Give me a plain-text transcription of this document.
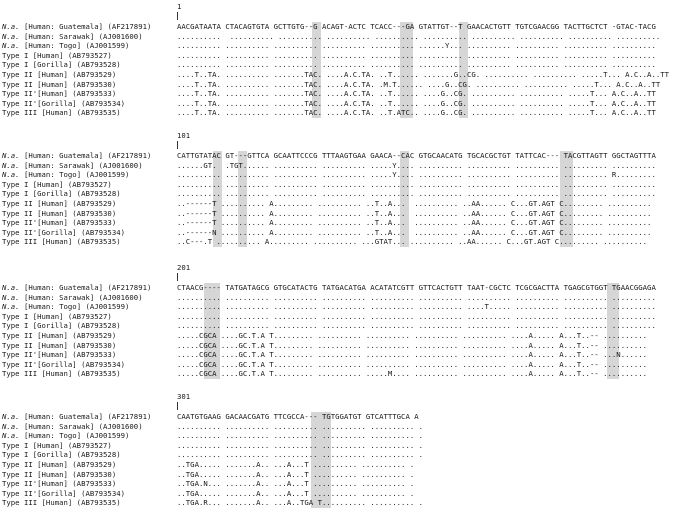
1
N.a. [Human: Guatemala] (AF217891)	AACGATAATA CTACAGTGTA GCTTGTG--G ACAGT-ACTC TCACC---GA GTATTGT--T GAACACTGTT TGTCGAACGG TACTTGCTCT -GTAC-TACG
N.a. [Human: Sarawak] (AJ001600)	..........  .......... .......... .......... .......... .......... .......... .......... .......... ..........
N.a. [Human: Togo] (AJ001599)	.......... .......... .......... .......... .......... ......Y... .......... .......... .......... ..........
Type I [Human] (AB793527)	.......... .......... .......... .......... .......... .......... .......... .......... .......... ..........
Type I [Gorilla] (AB793528)	.......... .......... .......... .......... .......... .......... .......... .......... .......... ..........
Type II [Human] (AB793529)	....T..TA. .......... .......TAC. ....A.C.TA. ..T...... .......G..CG. .......... .......... .....T... A.C..A..TT
Type II [Human] (AB793530)	....T..TA. .......... .......TAC. ....A.C.TA. .M.T...... ....G..CG. .......... .......... .....T... A.C..A..TT
Type II'[Human] (AB793533)	....T..TA. .......... .......TAC. ....A.C.TA. ..T...... ....G..CG. .......... .......... .....T... A.C..A..TT
Type II'[Gorilla] (AB793534)	....T..TA. .......... .......TAC. ....A.C.TA. ..T...... ....G..CG. .......... .......... .....T... A.C..A..TT
Type III [Human] (AB793535)	....T..TA. .......... .......TAC. ....A.C.TA. ..T.ATC.. ....G..CG. .......... .......... .....T... A.C..A..TT
101
N.a. [Human: Guatemala] (AF217891)	CATTGTATAC GT---GTTCA GCAATTCCCG TTTAAGTGAA GAACA--CAC GTGCAACATG TGCACGCTGT TATTCAC--- TACGTTAGTT GGCTAGTTTA
N.a. [Human: Sarawak] (AJ001600)	......GT.  .TGT...... .......... .......... .....Y.... .......... .......... .......... .......... ..........
N.a. [Human: Togo] (AJ001599)	.......... .......... .......... .......... .....Y.... .......... .......... .......... .......... R.........
Type I [Human] (AB793527)	.......... .......... .......... .......... .......... .......... .......... .......... .......... ..........
Type I [Gorilla] (AB793528)	.......... .......... .......... .......... .......... .......... .......... .......... .......... ..........
Type II [Human] (AB793529)	..------T .......... A......... .......... ..T..A...  .......... ..AA...... C...GT.AGT C......... ..........
Type II [Human] (AB793530)	..------T .......... A......... .......... ..T..A...  .......... ..AA...... C...GT.AGT C......... ..........
Type II'[Human] (AB793533)	..------T .......... A......... .......... ..T..A...  .......... ..AA...... C...GT.AGT C......... ..........
Type II'[Gorilla] (AB793534)	..------N .......... A......... .......... ..T..A...  .......... ..AA...... C...GT.AGT C......... ..........
Type III [Human] (AB793535)	..C---.T .......... A......... .......... ...GTAT... .......... ..AA...... C...GT.AGT C......... ..........
201
N.a. [Human: Guatemala] (AF217891)	CTAACG---- TATGATAGCG GTGCATACTG TATGACATGA ACATATCGTT GTTCACTGTT TAAT-CGCTC TCGCGACTTA TGAGCGTGGT TGAACGGAGA
N.a. [Human: Sarawak] (AJ001600)	.......... .......... .......... .......... .......... .......... .......... .......... .......... ..........
N.a. [Human: Togo] (AJ001599)	.......... .......... .......... .......... .......... .......... ....T..... .......... .......... ..........
Type I [Human] (AB793527)	.......... .......... .......... .......... .......... .......... .......... .......... .......... ..........
Type I [Gorilla] (AB793528)	.......... .......... .......... .......... .......... .......... .......... .......... .......... ..........
Type II [Human] (AB793529)	.....CGCA ....GC.T.A T......... .......... .......... .......... .......... ....A..... A...T..-- ..........
Type II [Human] (AB793530)	.....CGCA ....GC.T.A T......... .......... .......... .......... .......... ....A..... A...T..-- ..........
Type II'[Human] (AB793533)	.....CGCA ....GC.T.A T......... .......... .......... .......... .......... ....A..... A...T..-- ...N......
Type II'[Gorilla] (AB793534)	.....CGCA ....GC.T.A T......... .......... .......... .......... .......... ....A..... A...T..-- ..........
Type III [Human] (AB793535)	.....CGCA ....GC.T.A T......... .......... .....M.... .......... .......... ....A..... A...T..-- ..........
301
N.a. [Human: Guatemala] (AF217891)	CAATGTGAAG GACAACGATG TTCGCCA--- TGTGGATGT GTCATTTGCA A
N.a. [Human: Sarawak] (AJ001600)	.......... .......... .......... .......... .......... .
N.a. [Human: Togo] (AJ001599)	.......... .......... .......... .......... .......... .
Type I [Human] (AB793527)	.......... .......... .......... .......... .......... .
Type I [Gorilla] (AB793528)	.......... .......... .......... .......... .......... .
Type II [Human] (AB793529)	..TGA..... .......A.. ...A...T .......... .......... .
Type II [Human] (AB793530)	..TGA..... .......A.. ...A...T .......... .......... .
Type II'[Human] (AB793533)	..TGA.N... .......A.. ...A...T .......... .......... .
Type II'[Gorilla] (AB793534)	..TGA..... .......A.. ...A...T .......... .......... .
Type III [Human] (AB793535)	..TGA.R... .......A.. ...A..TGA T.......... .......... .
